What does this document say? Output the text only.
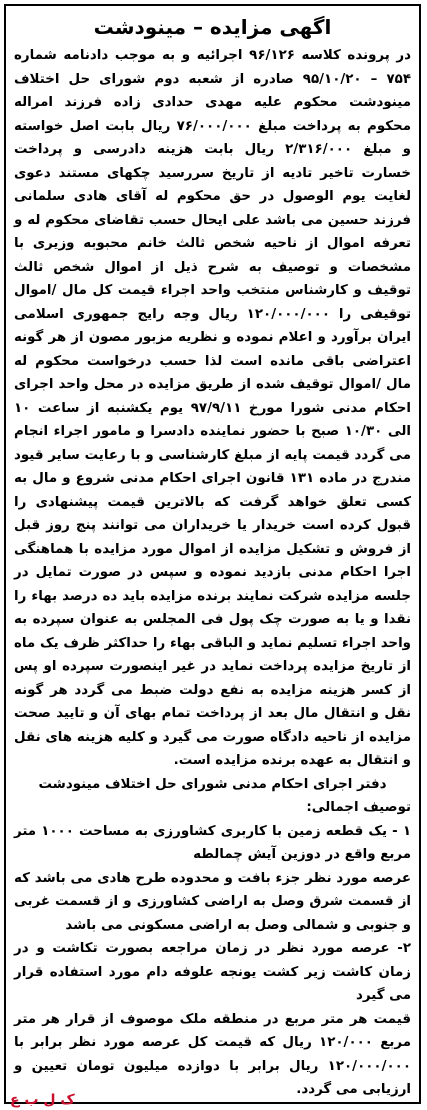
اگهی مزایده – مینودشت

در پرونده کلاسه ۹۶/۱۲۶ اجرائیه و به موجب دادنامه شماره ۷۵۴ – ۹۵/۱۰/۲۰ صادره از شعبه دوم شورای حل اختلاف مینودشت محکوم علیه مهدی حدادی زاده فرزند امراله محکوم به پرداخت مبلغ ۷۶/۰۰۰/۰۰۰ ریال بابت اصل خواسته و مبلغ ۲/۳۱۶/۰۰۰ ریال بابت هزینه دادرسی و پرداخت خسارت تاخیر تادیه از تاریخ سررسید چکهای مستند دعوی لغایت یوم الوصول در حق محکوم له آقای هادی سلمانی فرزند حسین می باشد علی ایحال حسب تقاضای محکوم له و تعرفه اموال از ناحیه شخص ثالث خانم محبوبه وزیری با مشخصات و توصیف به شرح ذیل از اموال شخص ثالث توقیف و کارشناس منتخب واحد اجراء قیمت کل مال /اموال توقیفی را ۱۲۰/۰۰۰/۰۰۰ ریال وجه رایج جمهوری اسلامی ایران برآورد و اعلام نموده و نظریه مزبور مصون از هر گونه اعتراضی باقی مانده است لذا حسب درخواست محکوم له مال /اموال توقیف شده از طریق مزایده در محل واحد اجرای احکام مدنی شورا مورخ ۹۷/۹/۱۱ یوم یکشنبه از ساعت ۱۰ الی ۱۰/۳۰ صبح با حضور نماینده دادسرا و مامور اجراء انجام می گردد قیمت پایه از مبلغ کارشناسی و با رعایت سایر قیود مندرج در ماده ۱۳۱ قانون اجرای احکام مدنی شروع و مال به کسی تعلق خواهد گرفت که بالاترین قیمت پیشنهادی را قبول کرده است خریدار یا خریداران می توانند پنج روز قبل از فروش و تشکیل مزایده از اموال مورد مزایده با هماهنگی اجرا احکام مدنی بازدید نموده و سپس در صورت تمایل در جلسه مزایده شرکت نمایند برنده مزایده باید ده درصد بهاء را نقدا و یا به صورت چک پول فی المجلس به عنوان سپرده به واحد اجراء تسلیم نماید و الباقی بهاء را حداکثر ظرف یک ماه از تاریخ مزایده پرداخت نماید در غیر اینصورت سپرده او پس از کسر هزینه مزایده به نفع دولت ضبط می گردد هر گونه نقل و انتقال مال بعد از پرداخت تمام بهای آن و تایید صحت مزایده از ناحیه دادگاه صورت می گیرد و کلیه هزینه های نقل و انتقال به عهده برنده مزایده است.

دفتر اجرای احکام مدنی شورای حل اختلاف مینودشت

توصیف اجمالی:

۱ - یک قطعه زمین با کاربری کشاورزی به مساحت ۱۰۰۰ متر مربع واقع در دوزین آیش چمالطه

عرصه مورد نظر جزء بافت و محدوده طرح هادی می باشد که از قسمت شرق وصل به اراضی کشاورزی و از قسمت غربی و جنوبی و شمالی وصل به اراضی مسکونی می باشد

۲- عرصه مورد نظر در زمان مراجعه بصورت تکاشت و در زمان کاشت زیر کشت یونجه علوفه دام مورد استفاده قرار می گیرد

قیمت هر متر مربع در منطقه ملک موصوف از قرار هر متر مربع ۱۲۰/۰۰۰ ریال که قیمت کل عرصه مورد نظر برابر با ۱۲۰/۰۰۰/۰۰۰ ریال برابر با دوازده میلیون تومان تعیین و ارزیابی می گردد.

ک ل ب ع
